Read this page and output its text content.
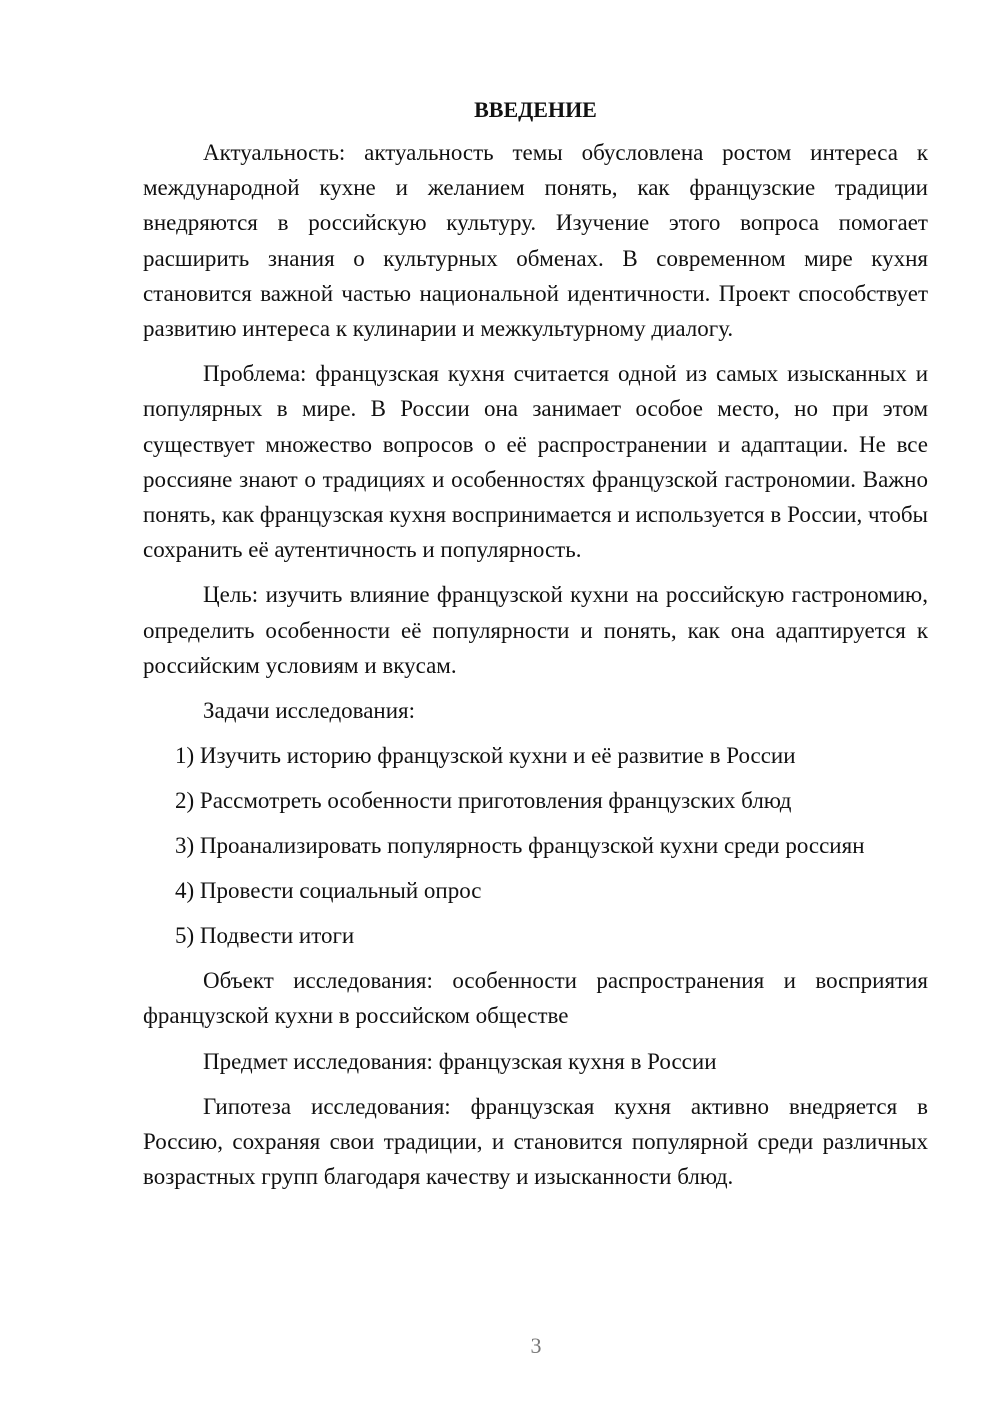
ВВЕДЕНИЕ

Актуальность: актуальность темы обусловлена ростом интереса к международной кухне и желанием понять, как французские традиции внедряются в российскую культуру. Изучение этого вопроса помогает расширить знания о культурных обменах. В современном мире кухня становится важной частью национальной идентичности. Проект способствует развитию интереса к кулинарии и межкультурному диалогу.

Проблема: французская кухня считается одной из самых изысканных и популярных в мире. В России она занимает особое место, но при этом существует множество вопросов о её распространении и адаптации. Не все россияне знают о традициях и особенностях французской гастрономии. Важно понять, как французская кухня воспринимается и используется в России, чтобы сохранить её аутентичность и популярность.

Цель: изучить влияние французской кухни на российскую гастрономию, определить особенности её популярности и понять, как она адаптируется к российским условиям и вкусам.

Задачи исследования:

1) Изучить историю французской кухни и её развитие в России
2) Рассмотреть особенности приготовления французских блюд
3) Проанализировать популярность французской кухни среди россиян
4) Провести социальный опрос
5) Подвести итоги

Объект исследования: особенности распространения и восприятия французской кухни в российском обществе

Предмет исследования: французская кухня в России

Гипотеза исследования: французская кухня активно внедряется в Россию, сохраняя свои традиции, и становится популярной среди различных возрастных групп благодаря качеству и изысканности блюд.

3
